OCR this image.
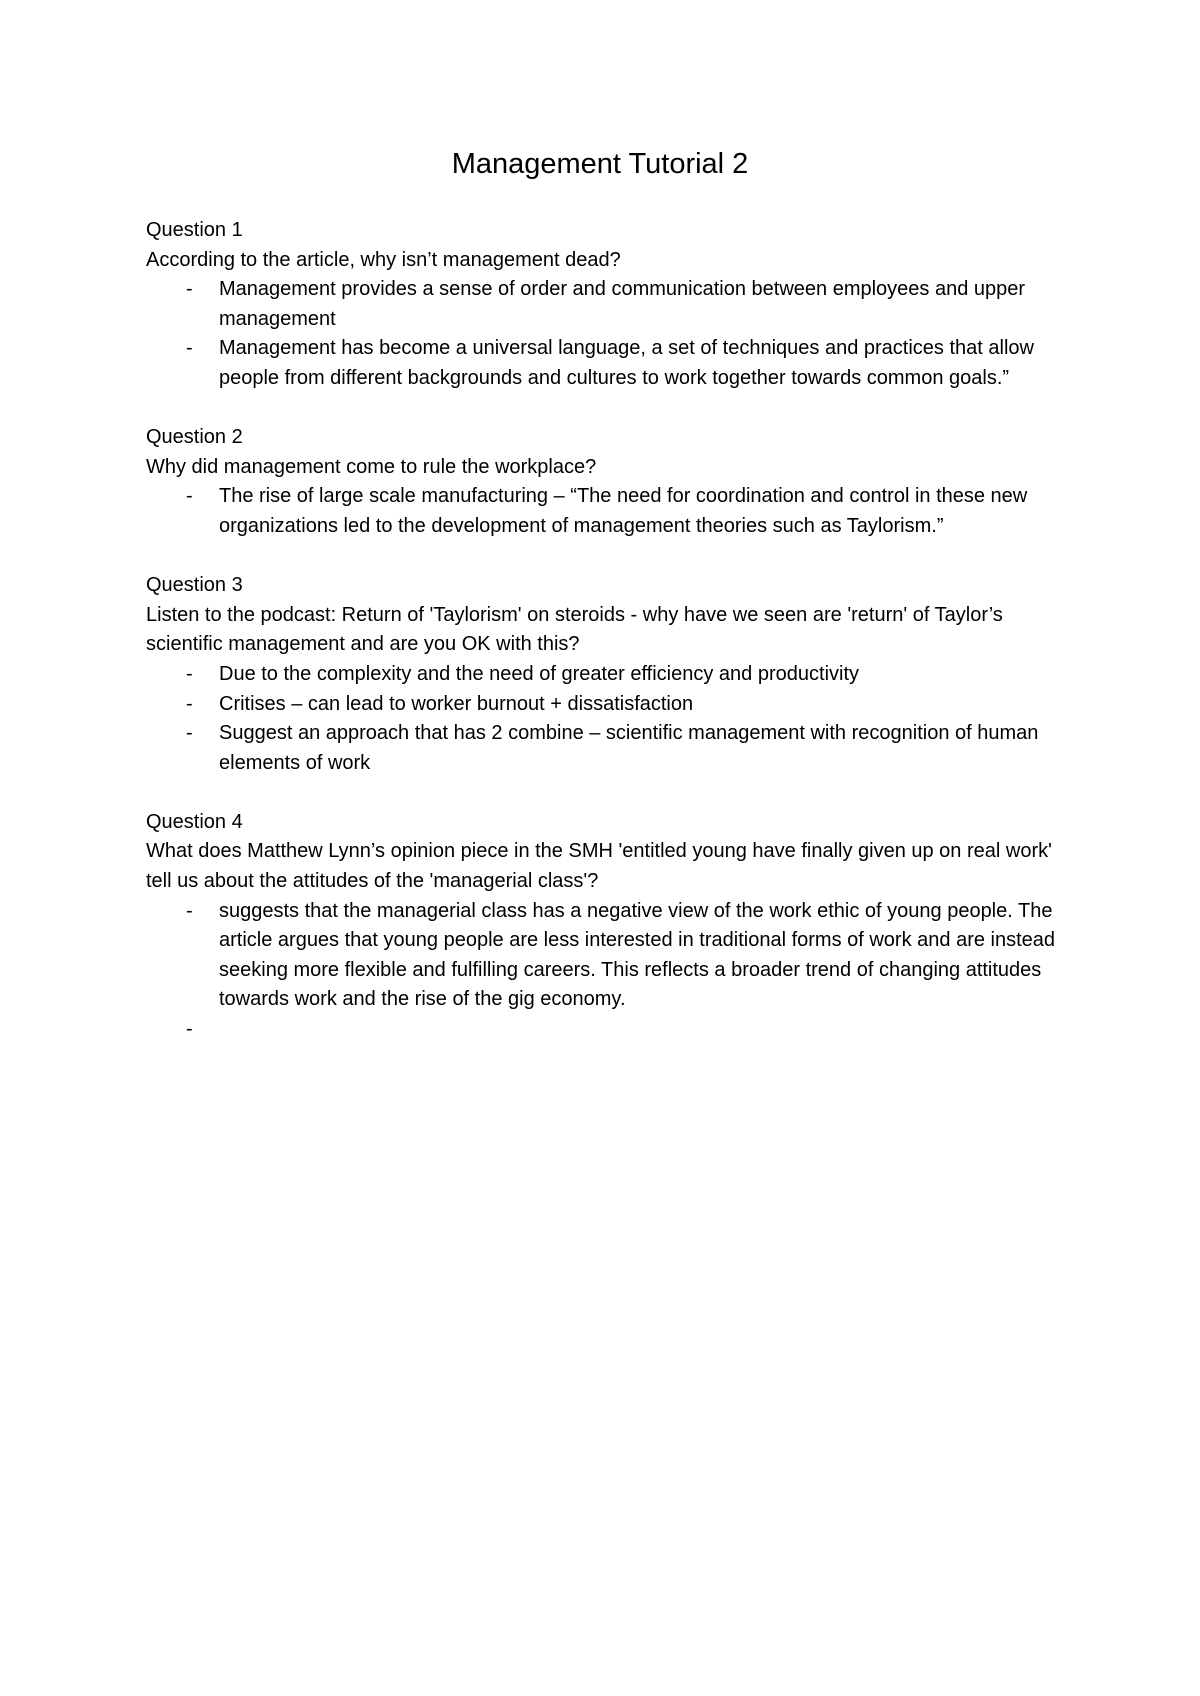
Management Tutorial 2

Question 1

According to the article, why isn’t management dead?

- Management provides a sense of order and communication between employees and upper management
- Management has become a universal language, a set of techniques and practices that allow people from different backgrounds and cultures to work together towards common goals.”

Question 2

Why did management come to rule the workplace?

- The rise of large scale manufacturing – “The need for coordination and control in these new organizations led to the development of management theories such as Taylorism.”

Question 3

Listen to the podcast: Return of 'Taylorism' on steroids - why have we seen are 'return' of Taylor’s scientific management and are you OK with this?

- Due to the complexity and the need of greater efficiency and productivity
- Critises – can lead to worker burnout + dissatisfaction
- Suggest an approach that has 2 combine – scientific management with recognition of human elements of work

Question 4

What does Matthew Lynn’s opinion piece in the SMH 'entitled young have finally given up on real work' tell us about the attitudes of the 'managerial class'?

- suggests that the managerial class has a negative view of the work ethic of young people. The article argues that young people are less interested in traditional forms of work and are instead seeking more flexible and fulfilling careers. This reflects a broader trend of changing attitudes towards work and the rise of the gig economy.
-
